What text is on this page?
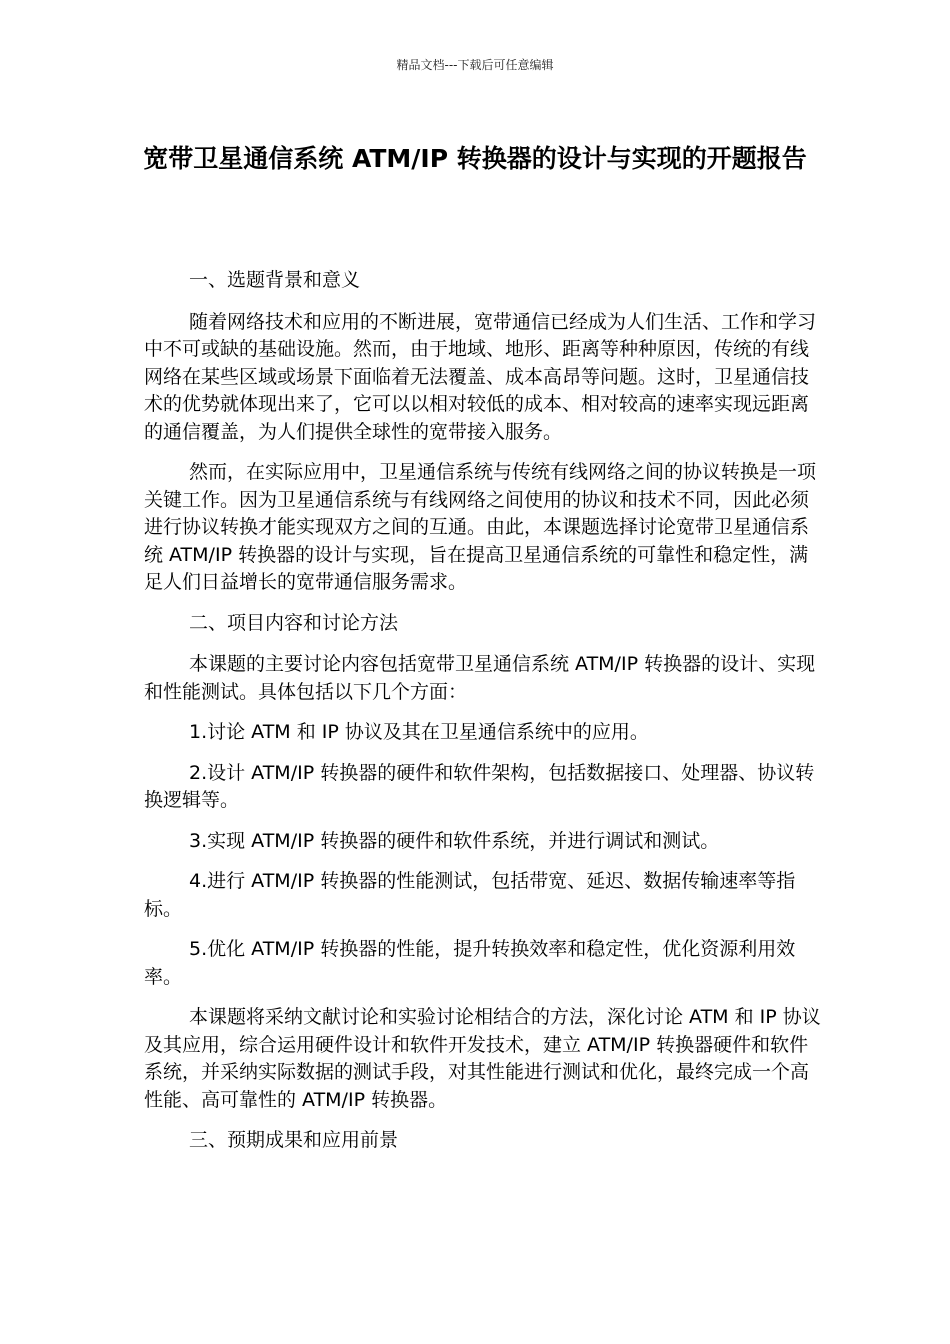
精品文档---下载后可任意编辑
宽带卫星通信系统 ATM/IP 转换器的设计与实现的开题报告

一、选题背景和意义

随着网络技术和应用的不断进展，宽带通信已经成为人们生活、工作和学习中不可或缺的基础设施。然而，由于地域、地形、距离等种种原因，传统的有线网络在某些区域或场景下面临着无法覆盖、成本高昂等问题。这时，卫星通信技术的优势就体现出来了，它可以以相对较低的成本、相对较高的速率实现远距离的通信覆盖，为人们提供全球性的宽带接入服务。

然而，在实际应用中，卫星通信系统与传统有线网络之间的协议转换是一项关键工作。因为卫星通信系统与有线网络之间使用的协议和技术不同，因此必须进行协议转换才能实现双方之间的互通。由此，本课题选择讨论宽带卫星通信系统 ATM/IP 转换器的设计与实现，旨在提高卫星通信系统的可靠性和稳定性，满足人们日益增长的宽带通信服务需求。

二、项目内容和讨论方法

本课题的主要讨论内容包括宽带卫星通信系统 ATM/IP 转换器的设计、实现和性能测试。具体包括以下几个方面：

1.讨论 ATM 和 IP 协议及其在卫星通信系统中的应用。

2.设计 ATM/IP 转换器的硬件和软件架构，包括数据接口、处理器、协议转换逻辑等。

3.实现 ATM/IP 转换器的硬件和软件系统，并进行调试和测试。

4.进行 ATM/IP 转换器的性能测试，包括带宽、延迟、数据传输速率等指标。

5.优化 ATM/IP 转换器的性能，提升转换效率和稳定性，优化资源利用效率。

本课题将采纳文献讨论和实验讨论相结合的方法，深化讨论 ATM 和 IP 协议及其应用，综合运用硬件设计和软件开发技术，建立 ATM/IP 转换器硬件和软件系统，并采纳实际数据的测试手段，对其性能进行测试和优化，最终完成一个高性能、高可靠性的 ATM/IP 转换器。

三、预期成果和应用前景
